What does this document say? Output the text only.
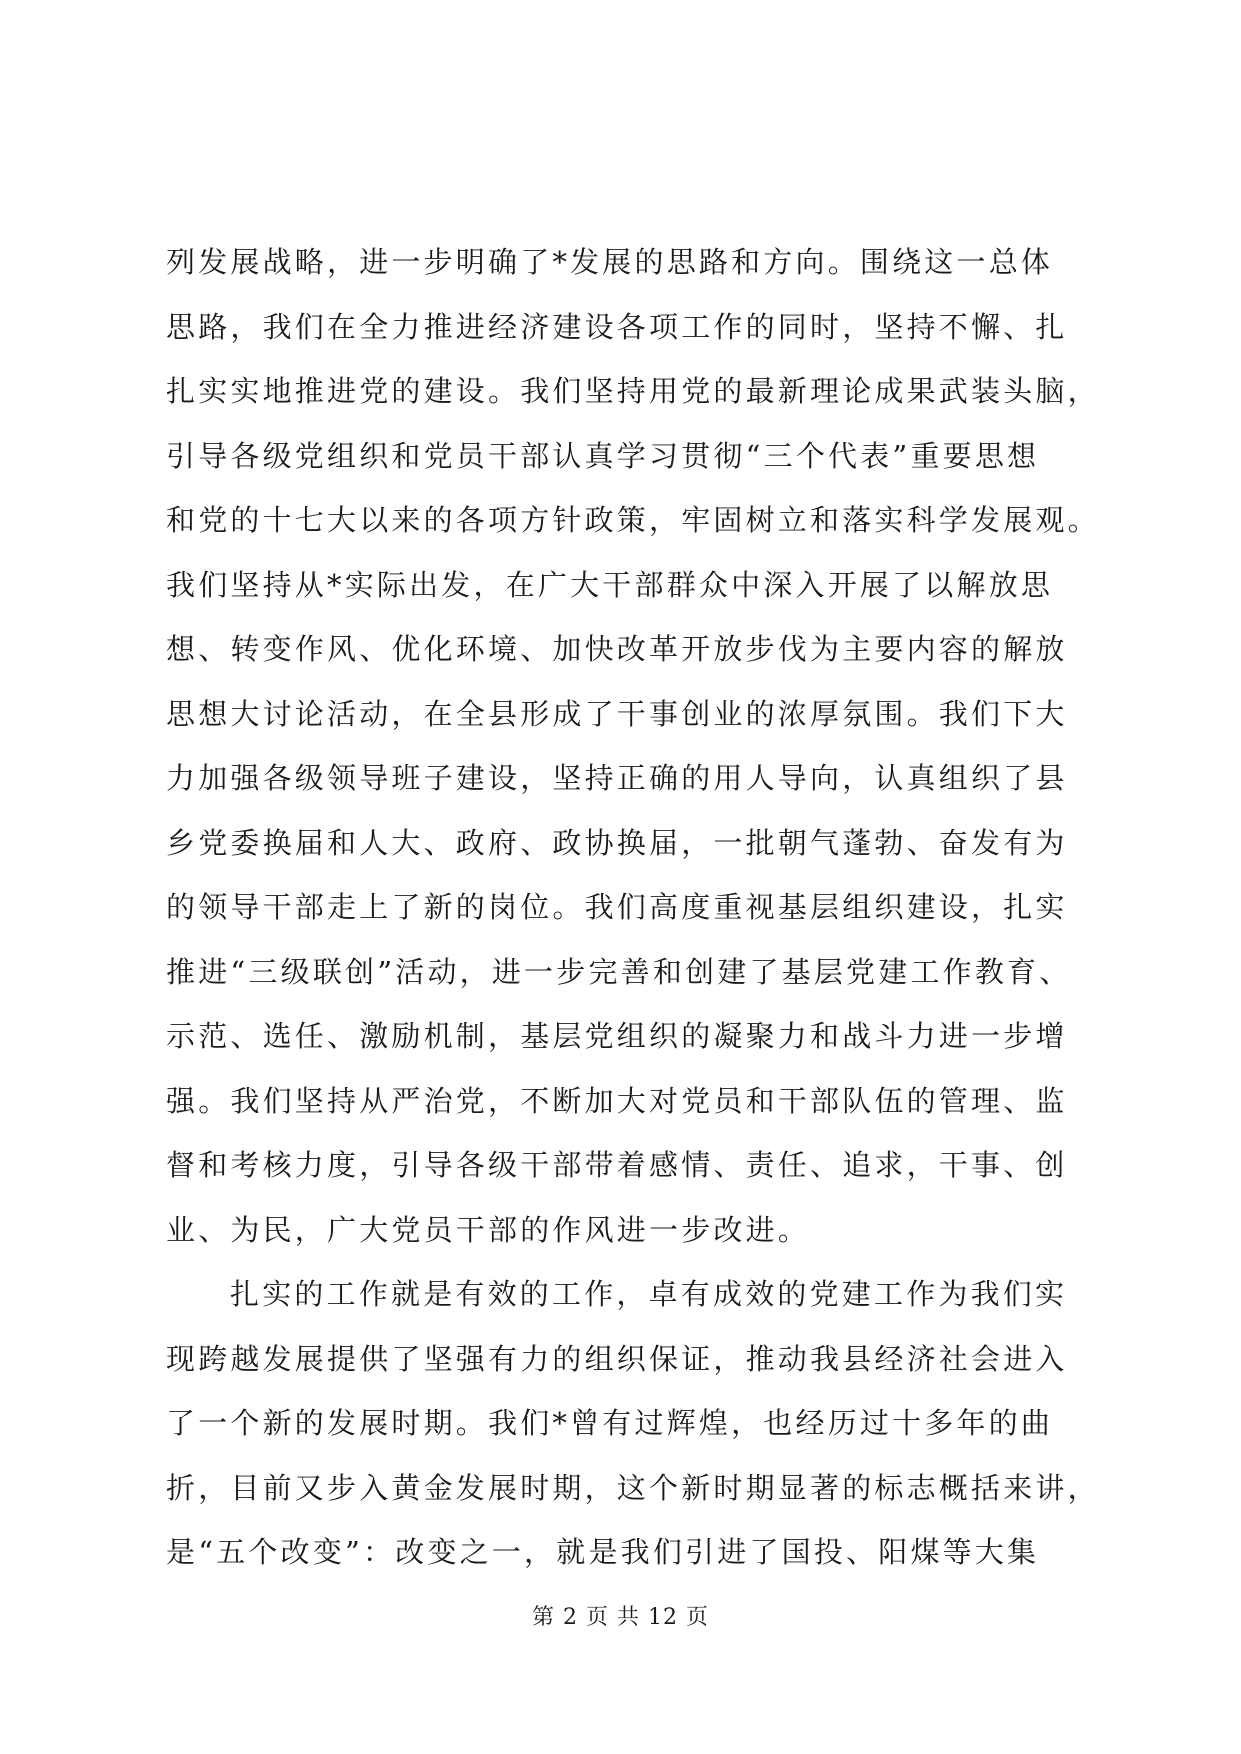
列发展战略，进一步明确了*发展的思路和方向。围绕这一总体
思路，我们在全力推进经济建设各项工作的同时，坚持不懈、扎
扎实实地推进党的建设。我们坚持用党的最新理论成果武装头脑，
引导各级党组织和党员干部认真学习贯彻“三个代表”重要思想
和党的十七大以来的各项方针政策，牢固树立和落实科学发展观。
我们坚持从*实际出发，在广大干部群众中深入开展了以解放思
想、转变作风、优化环境、加快改革开放步伐为主要内容的解放
思想大讨论活动，在全县形成了干事创业的浓厚氛围。我们下大
力加强各级领导班子建设，坚持正确的用人导向，认真组织了县
乡党委换届和人大、政府、政协换届，一批朝气蓬勃、奋发有为
的领导干部走上了新的岗位。我们高度重视基层组织建设，扎实
推进“三级联创”活动，进一步完善和创建了基层党建工作教育、
示范、选任、激励机制，基层党组织的凝聚力和战斗力进一步增
强。我们坚持从严治党，不断加大对党员和干部队伍的管理、监
督和考核力度，引导各级干部带着感情、责任、追求，干事、创
业、为民，广大党员干部的作风进一步改进。
扎实的工作就是有效的工作，卓有成效的党建工作为我们实
现跨越发展提供了坚强有力的组织保证，推动我县经济社会进入
了一个新的发展时期。我们*曾有过辉煌，也经历过十多年的曲
折，目前又步入黄金发展时期，这个新时期显著的标志概括来讲，
是“五个改变”：改变之一，就是我们引进了国投、阳煤等大集
第 2 页 共 12 页
